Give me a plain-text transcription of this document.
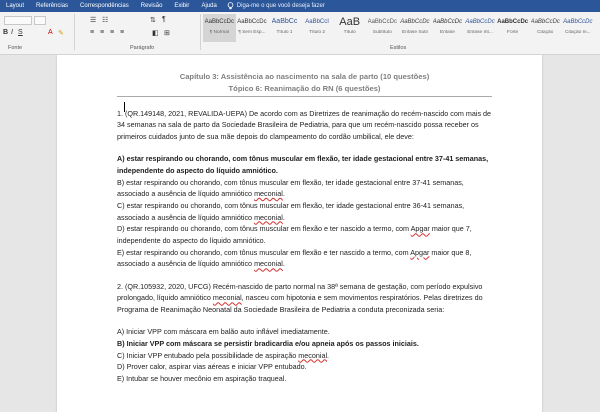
Layout	Referências	Correspondências	Revisão	Exibir	Ajuda	Diga-me o que você deseja fazer
B I S	A ✎
☰ ☷	⇅ ¶
≡ ≡ ≡ ≡	◧ ⊞
Fonte	Parágrafo
AaBbCcDc
¶ Normal
AaBbCcDc
¶ Sem Esp...
AaBbCc
Título 1
AaBbCcI
Título 2
AaB
Título
AaBbCcDc
Subtítulo
AaBbCcDc
Ênfase Sutil
AaBbCcDc
Ênfase
AaBbCcDc
Ênfase Int...
AaBbCcDc
Forte
AaBbCcDc
Citação
AaBbCcDc
Citação In...
Estilos

Capítulo 3: Assistência ao nascimento na sala de parto (10 questões)

Tópico 6: Reanimação do RN (6 questões)

1. (QR.149148, 2021, REVALIDA-UEPA) De acordo com as Diretrizes de reanimação do recém-nascido com mais de 34 semanas na sala de parto da Sociedade Brasileira de Pediatria, para que um recém-nascido possa receber os primeiros cuidados junto de sua mãe depois do clampeamento do cordão umbilical, ele deve:

A) estar respirando ou chorando, com tônus muscular em flexão, ter idade gestacional entre 37-41 semanas, independente do aspecto do líquido amniótico.

B) estar respirando ou chorando, com tônus muscular em flexão, ter idade gestacional entre 37-41 semanas, associado a ausência de líquido amniótico meconial.

C) estar respirando ou chorando, com tônus muscular em flexão, ter idade gestacional entre 36-41 semanas, associado a ausência de líquido amniótico meconial.

D) estar respirando ou chorando, com tônus muscular em flexão e ter nascido a termo, com Apgar maior que 7, independente do aspecto do líquido amniótico.

E) estar respirando ou chorando, com tônus muscular em flexão e ter nascido a termo, com Apgar maior que 8, associado a ausência de líquido amniótico meconial.

2. (QR.105932, 2020, UFCG) Recém-nascido de parto normal na 38ª semana de gestação, com período expulsivo prolongado, líquido amniótico meconial, nasceu com hipotonia e sem movimentos respiratórios. Pelas diretrizes do Programa de Reanimação Neonatal da Sociedade Brasileira de Pediatria a conduta preconizada seria:

A) Iniciar VPP com máscara em balão auto inflável imediatamente.

B) Iniciar VPP com máscara se persistir bradicardia e/ou apneia após os passos iniciais.

C) Iniciar VPP entubado pela possibilidade de aspiração meconial.

D) Prover calor, aspirar vias aéreas e iniciar VPP entubado.

E) Intubar se houver mecônio em aspiração traqueal.
